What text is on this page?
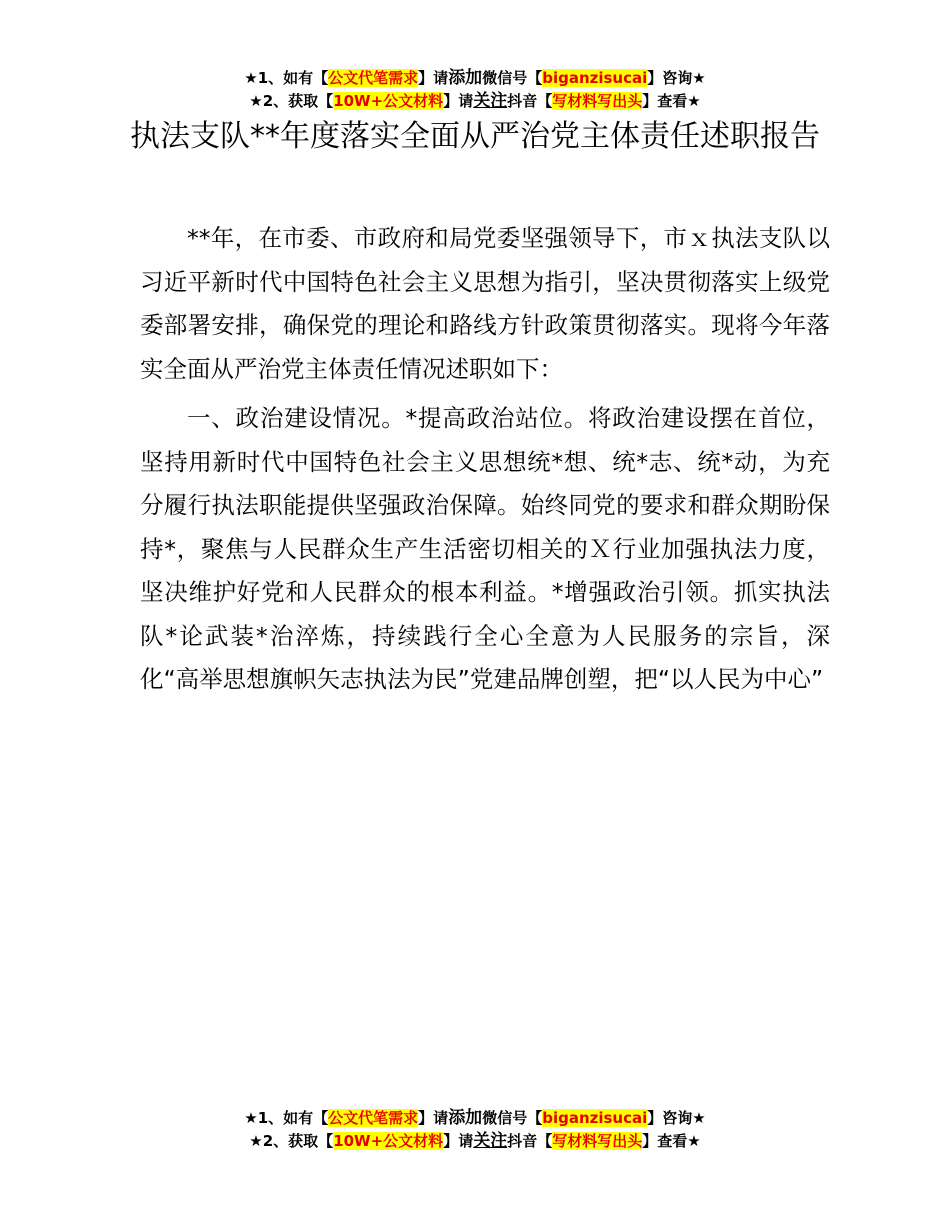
★1、如有【公文代笔需求】请添加微信号【biganzisucai】咨询★
★2、获取【10W+公文材料】请关注抖音【写材料写出头】查看★
执法支队**年度落实全面从严治党主体责任述职报告

**年，在市委、市政府和局党委坚强领导下，市ｘ执法支队以习近平新时代中国特色社会主义思想为指引，坚决贯彻落实上级党委部署安排，确保党的理论和路线方针政策贯彻落实。现将今年落实全面从严治党主体责任情况述职如下：

一、政治建设情况。*提高政治站位。将政治建设摆在首位，坚持用新时代中国特色社会主义思想统*想、统*志、统*动，为充分履行执法职能提供坚强政治保障。始终同党的要求和群众期盼保持*，聚焦与人民群众生产生活密切相关的Ｘ行业加强执法力度，坚决维护好党和人民群众的根本利益。*增强政治引领。抓实执法队*论武装*治淬炼，持续践行全心全意为人民服务的宗旨，深化“高举思想旗帜矢志执法为民”党建品牌创塑，把“以人民为中心”

★1、如有【公文代笔需求】请添加微信号【biganzisucai】咨询★
★2、获取【10W+公文材料】请关注抖音【写材料写出头】查看★
